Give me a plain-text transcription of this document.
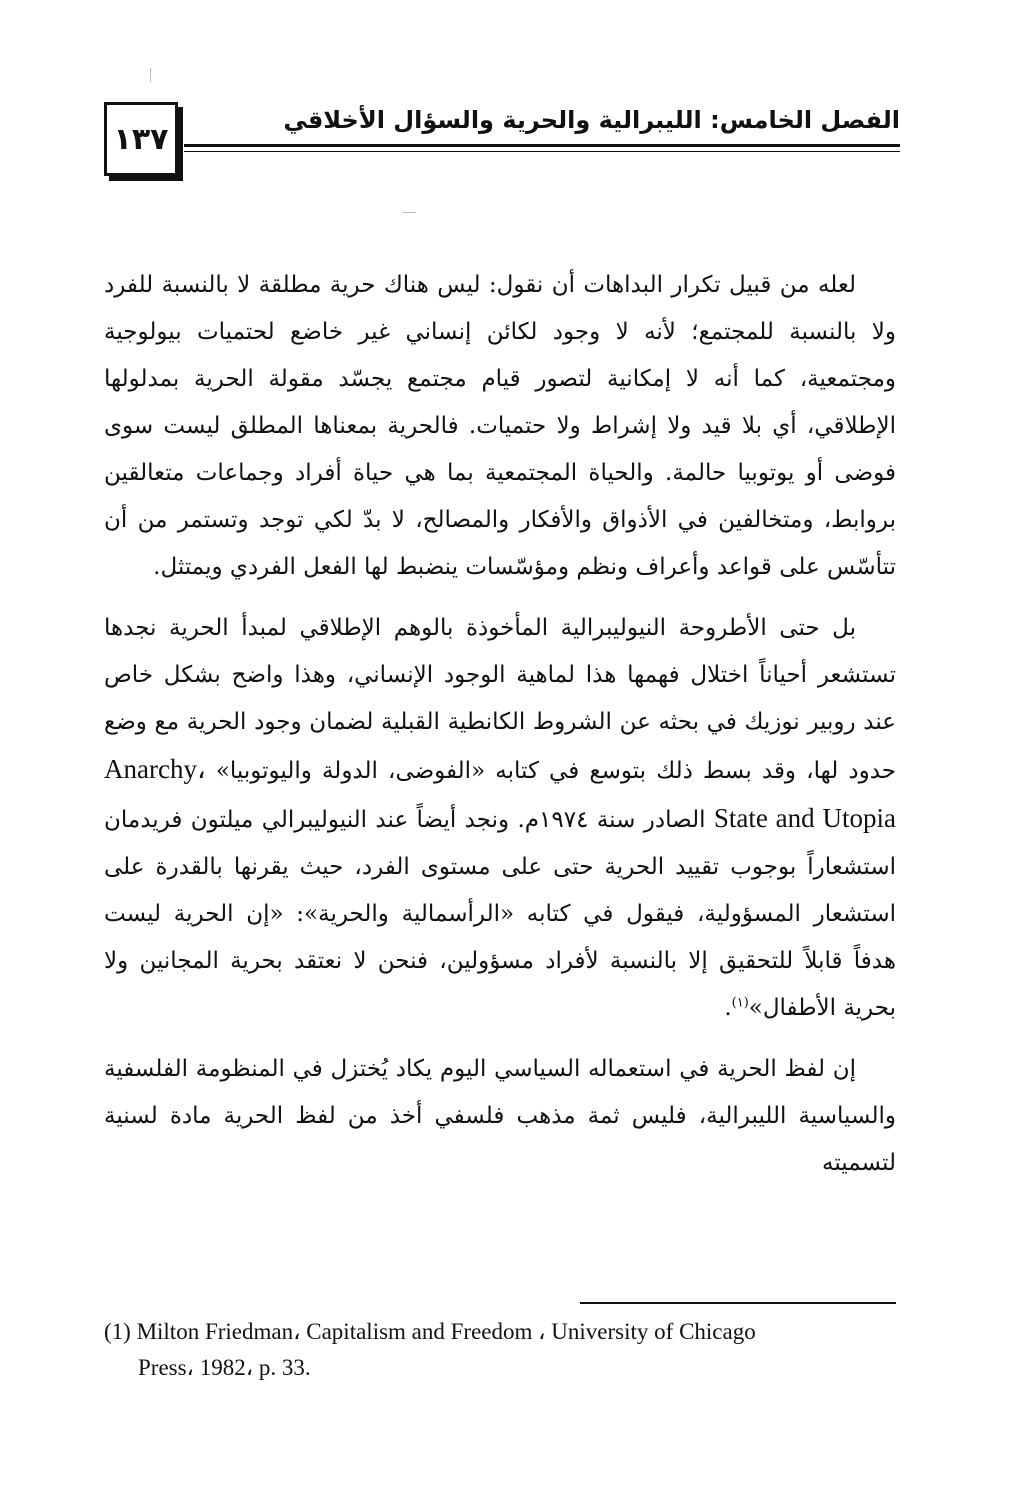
١٣٧
الفصل الخامس: الليبرالية والحرية والسؤال الأخلاقي

لعله من قبيل تكرار البداهات أن نقول: ليس هناك حرية مطلقة لا بالنسبة للفرد ولا بالنسبة للمجتمع؛ لأنه لا وجود لكائن إنساني غير خاضع لحتميات بيولوجية ومجتمعية، كما أنه لا إمكانية لتصور قيام مجتمع يجسّد مقولة الحرية بمدلولها الإطلاقي، أي بلا قيد ولا إشراط ولا حتميات. فالحرية بمعناها المطلق ليست سوى فوضى أو يوتوبيا حالمة. والحياة المجتمعية بما هي حياة أفراد وجماعات متعالقين بروابط، ومتخالفين في الأذواق والأفكار والمصالح، لا بدّ لكي توجد وتستمر من أن تتأسّس على قواعد وأعراف ونظم ومؤسّسات ينضبط لها الفعل الفردي ويمتثل.

بل حتى الأطروحة النيوليبرالية المأخوذة بالوهم الإطلاقي لمبدأ الحرية نجدها تستشعر أحياناً اختلال فهمها هذا لماهية الوجود الإنساني، وهذا واضح بشكل خاص عند روبير نوزيك في بحثه عن الشروط الكانطية القبلية لضمان وجود الحرية مع وضع حدود لها، وقد بسط ذلك بتوسع في كتابه «الفوضى، الدولة واليوتوبيا» Anarchy، State and Utopia الصادر سنة ١٩٧٤م. ونجد أيضاً عند النيوليبرالي ميلتون فريدمان استشعاراً بوجوب تقييد الحرية حتى على مستوى الفرد، حيث يقرنها بالقدرة على استشعار المسؤولية، فيقول في كتابه «الرأسمالية والحرية»: «إن الحرية ليست هدفاً قابلاً للتحقيق إلا بالنسبة لأفراد مسؤولين، فنحن لا نعتقد بحرية المجانين ولا بحرية الأطفال»$^{(١)}$.

إن لفظ الحرية في استعماله السياسي اليوم يكاد يُختزل في المنظومة الفلسفية والسياسية الليبرالية، فليس ثمة مذهب فلسفي أخذ من لفظ الحرية مادة لسنية لتسميته

(1) Milton Friedman، Capitalism and Freedom ، University of Chicago
Press، 1982، p. 33.
